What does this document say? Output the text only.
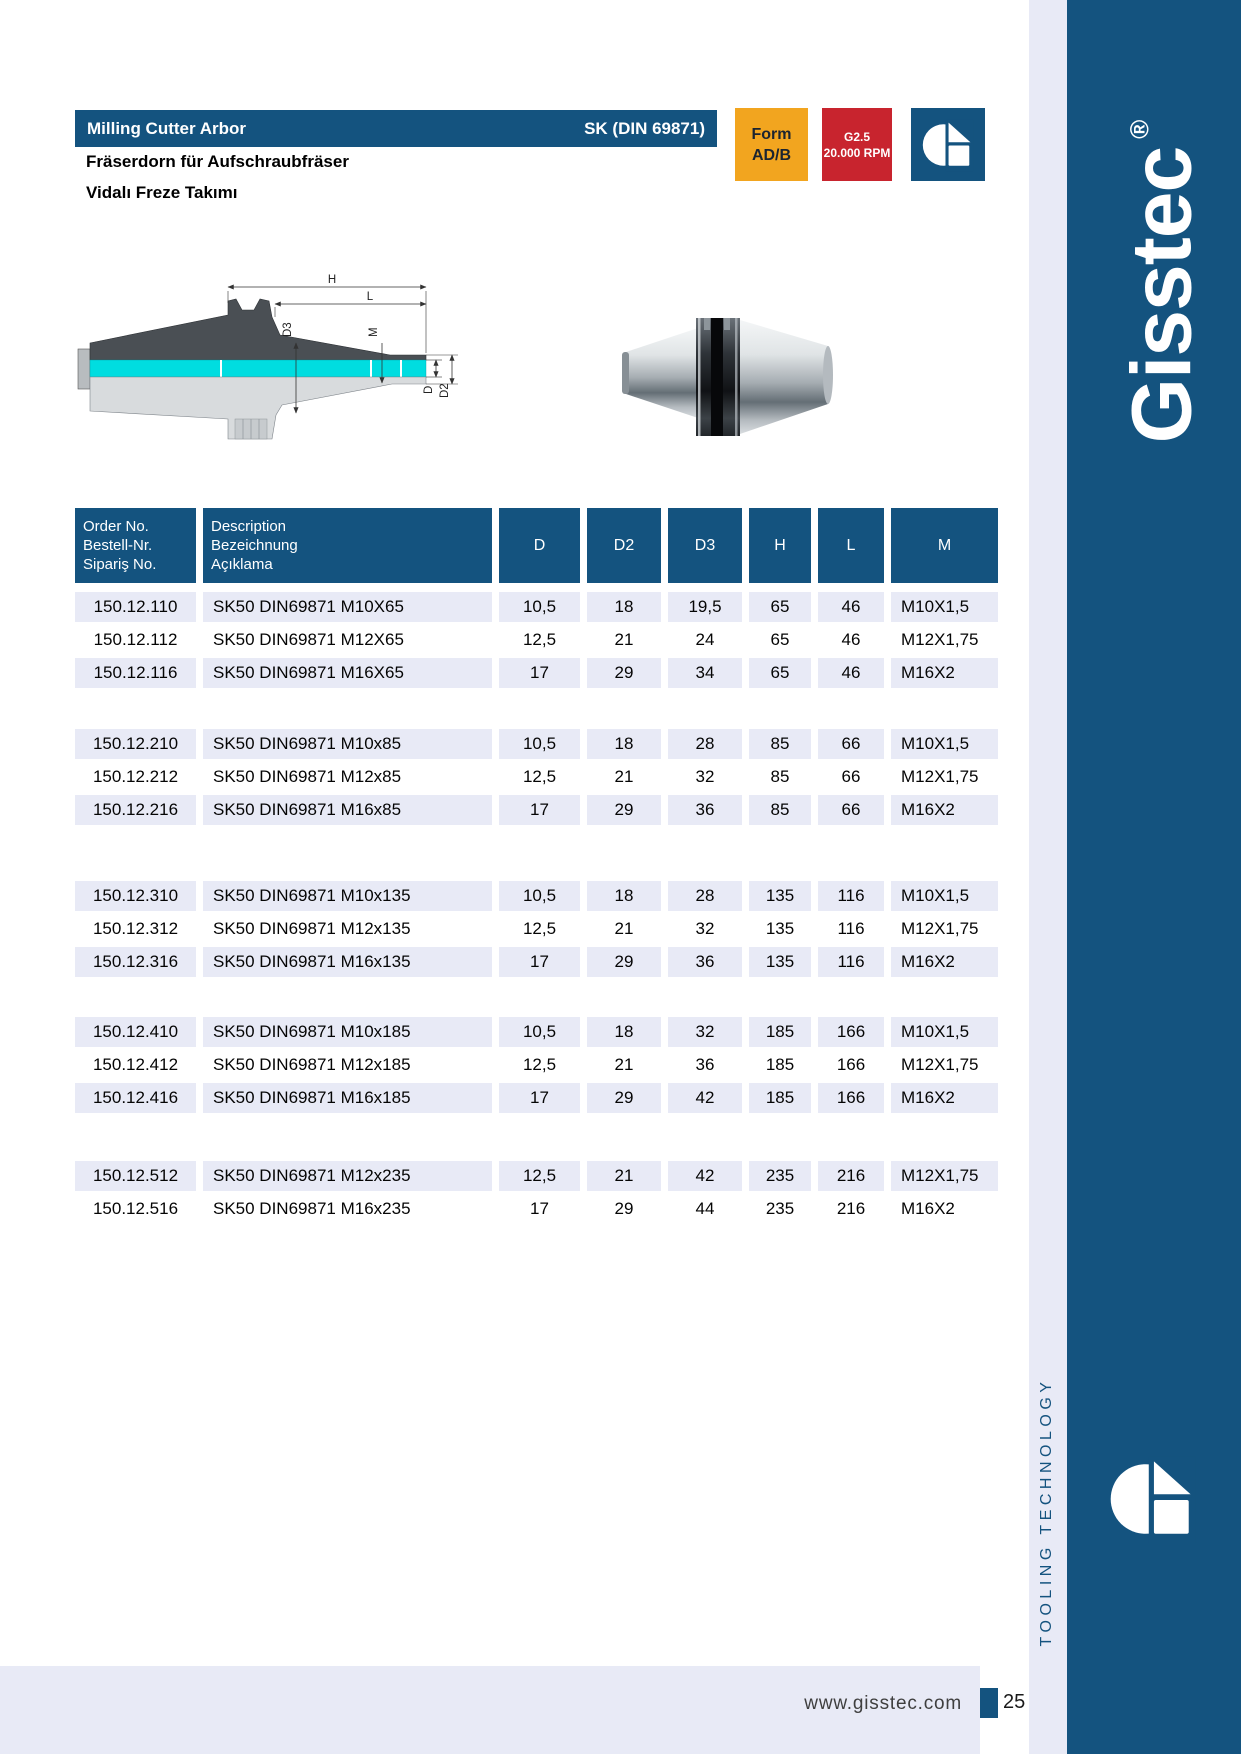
Gisstec®
TOOLING TECHNOLOGY
Milling Cutter Arbor	SK (DIN 69871)
Fräserdorn für Aufschraubfräser
Vidalı Freze Takımı
Form
AD/B
G2.5
20.000 RPM
H
L
D3	M
D D2
Order No.
Bestell-Nr.
Sipariş No.
Description
Bezeichnung
Açıklama
D	D2	D3	H	L	M
150.12.110	SK50 DIN69871 M10X65	10,5	18	19,5	65	46	M10X1,5
150.12.112	SK50 DIN69871 M12X65	12,5	21	24	65	46	M12X1,75
150.12.116	SK50 DIN69871 M16X65	17	29	34	65	46	M16X2
150.12.210	SK50 DIN69871 M10x85	10,5	18	28	85	66	M10X1,5
150.12.212	SK50 DIN69871 M12x85	12,5	21	32	85	66	M12X1,75
150.12.216	SK50 DIN69871 M16x85	17	29	36	85	66	M16X2
150.12.310	SK50 DIN69871 M10x135	10,5	18	28	135	116	M10X1,5
150.12.312	SK50 DIN69871 M12x135	12,5	21	32	135	116	M12X1,75
150.12.316	SK50 DIN69871 M16x135	17	29	36	135	116	M16X2
150.12.410	SK50 DIN69871 M10x185	10,5	18	32	185	166	M10X1,5
150.12.412	SK50 DIN69871 M12x185	12,5	21	36	185	166	M12X1,75
150.12.416	SK50 DIN69871 M16x185	17	29	42	185	166	M16X2
150.12.512	SK50 DIN69871 M12x235	12,5	21	42	235	216	M12X1,75
150.12.516	SK50 DIN69871 M16x235	17	29	44	235	216	M16X2
www.gisstec.com 25
